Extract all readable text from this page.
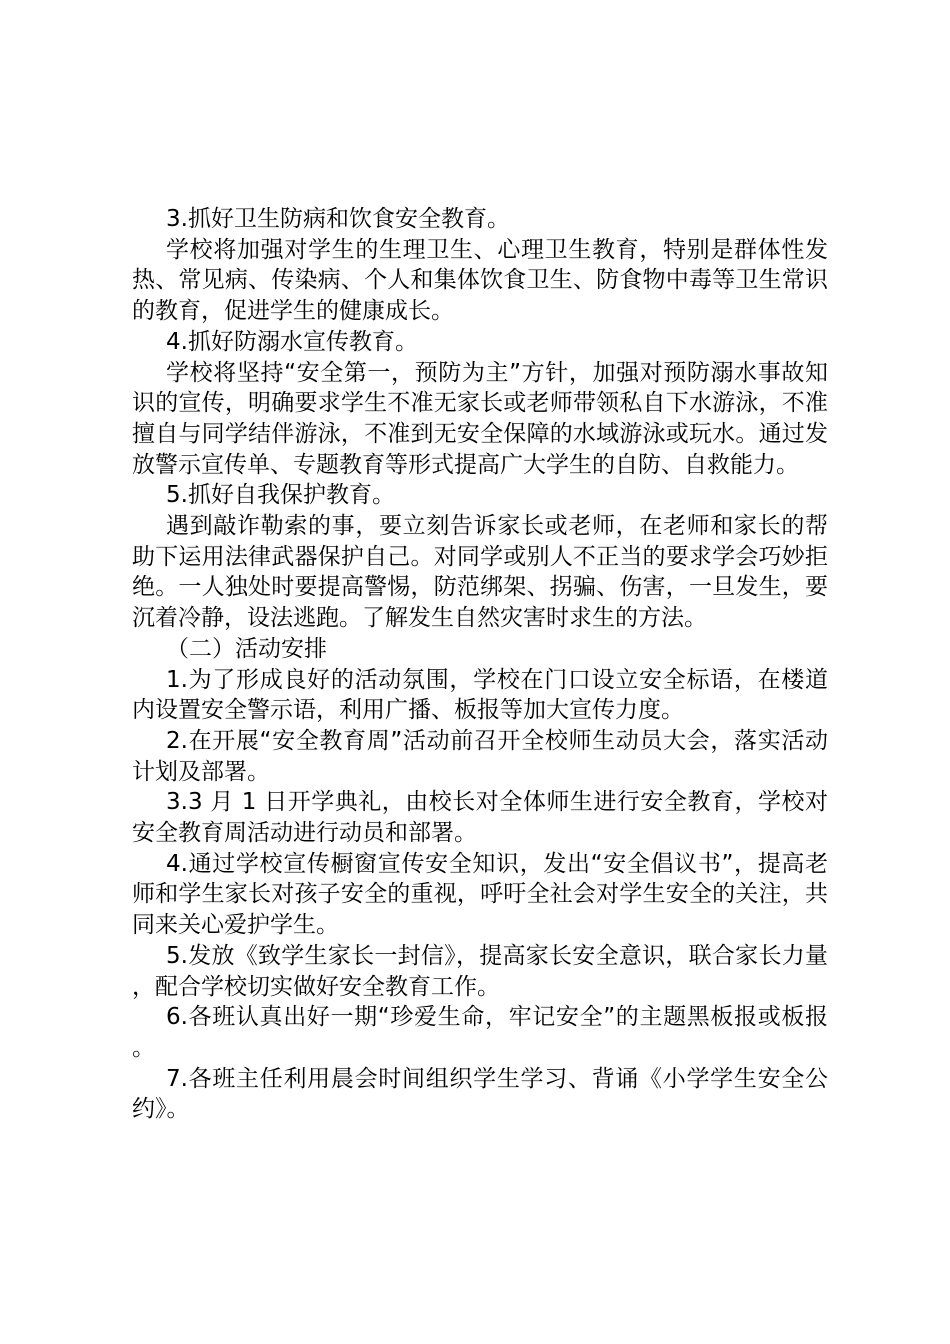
3.抓好卫生防病和饮食安全教育。

学校将加强对学生的生理卫生、心理卫生教育，特别是群体性发热、常见病、传染病、个人和集体饮食卫生、防食物中毒等卫生常识的教育，促进学生的健康成长。

4.抓好防溺水宣传教育。

学校将坚持“安全第一，预防为主”方针，加强对预防溺水事故知识的宣传，明确要求学生不准无家长或老师带领私自下水游泳，不准擅自与同学结伴游泳，不准到无安全保障的水域游泳或玩水。通过发放警示宣传单、专题教育等形式提高广大学生的自防、自救能力。

5.抓好自我保护教育。

遇到敲诈勒索的事，要立刻告诉家长或老师，在老师和家长的帮助下运用法律武器保护自己。对同学或别人不正当的要求学会巧妙拒绝。一人独处时要提高警惕，防范绑架、拐骗、伤害，一旦发生，要沉着冷静，设法逃跑。了解发生自然灾害时求生的方法。

（二）活动安排

1.为了形成良好的活动氛围，学校在门口设立安全标语，在楼道内设置安全警示语，利用广播、板报等加大宣传力度。

2.在开展“安全教育周”活动前召开全校师生动员大会，落实活动计划及部署。

3.3 月 1 日开学典礼，由校长对全体师生进行安全教育，学校对安全教育周活动进行动员和部署。

4.通过学校宣传橱窗宣传安全知识，发出“安全倡议书”，提高老师和学生家长对孩子安全的重视，呼吁全社会对学生安全的关注，共同来关心爱护学生。

5.发放《致学生家长一封信》，提高家长安全意识，联合家长力量，配合学校切实做好安全教育工作。

6.各班认真出好一期“珍爱生命，牢记安全”的主题黑板报或板报。

7.各班主任利用晨会时间组织学生学习、背诵《小学学生安全公约》。
